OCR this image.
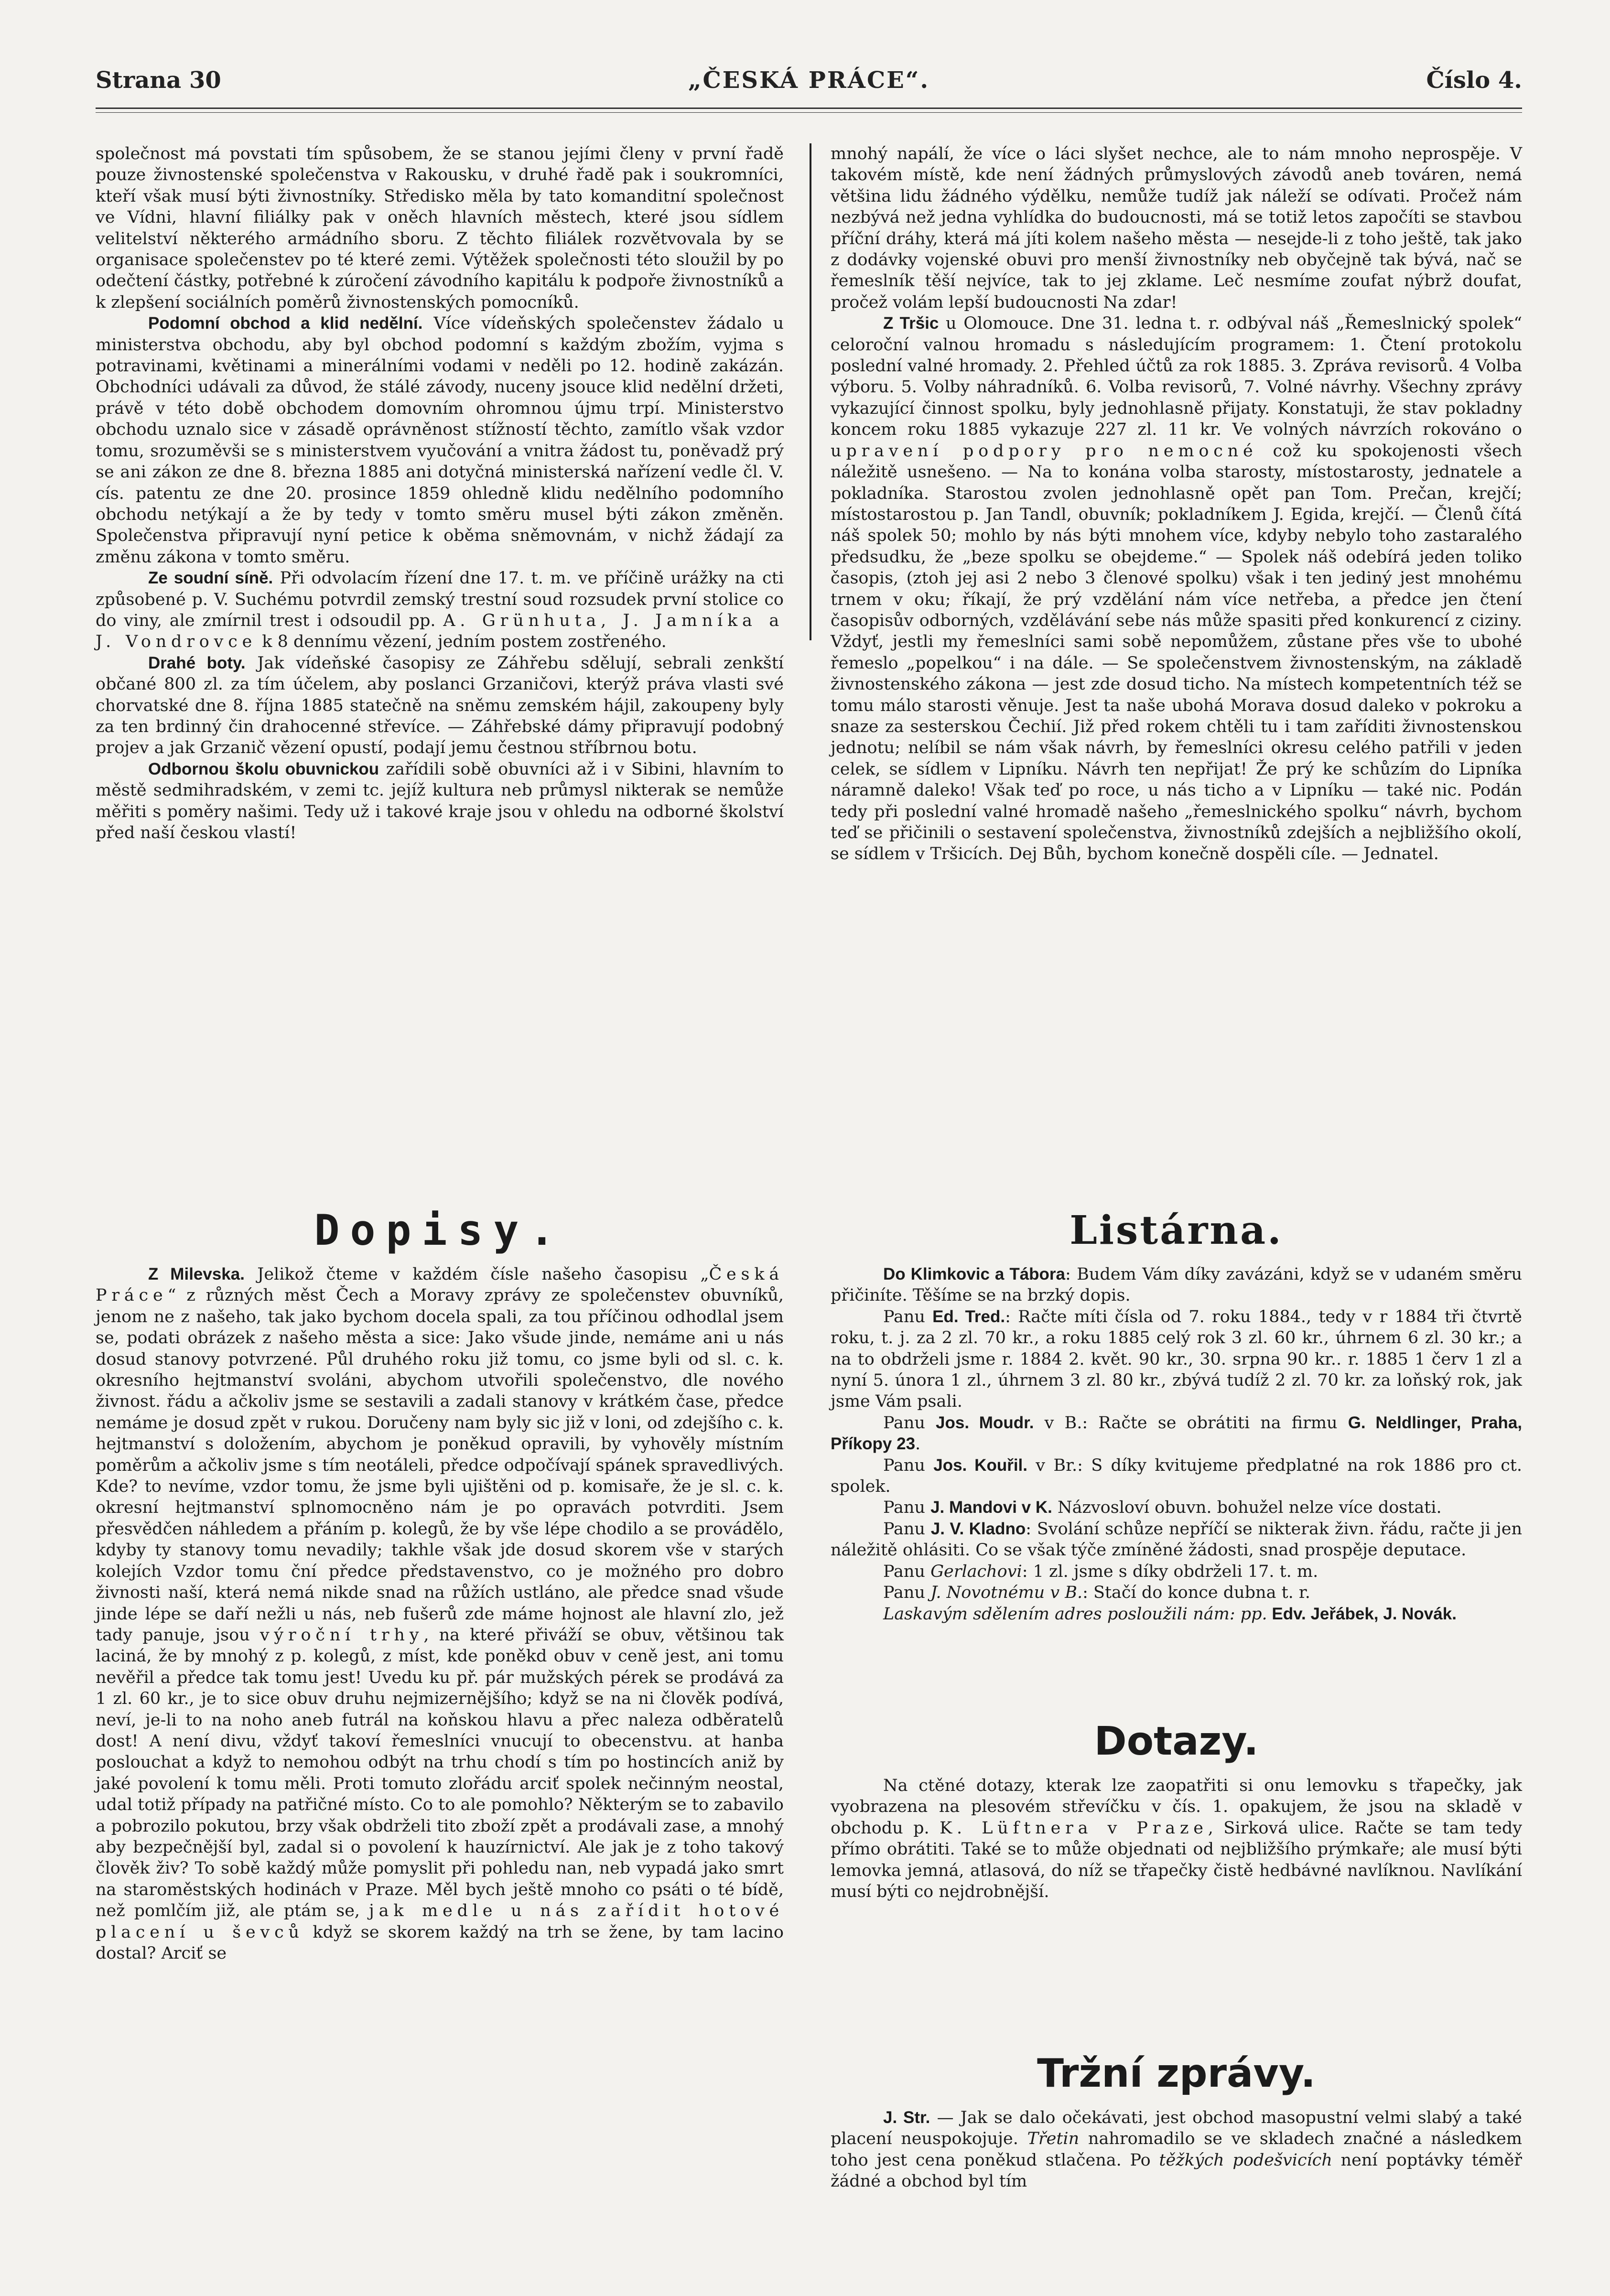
Strana 30	„ČESKÁ PRÁCE“.	Číslo 4.

společnost má povstati tím spůsobem, že se stanou jejími členy v první řadě pouze živnostenské společenstva v Rakousku, v druhé řadě pak i soukromníci, kteří však musí býti živnostníky. Středisko měla by tato komanditní společnost ve Vídni, hlavní filiálky pak v oněch hlavních městech, které jsou sídlem velitelství některého armádního sboru. Z těchto filiálek rozvětvovala by se organisace společenstev po té které zemi. Výtěžek společnosti této sloužil by po odečtení částky, potřebné k zúročení závodního kapitálu k podpoře živnostníků a k zlepšení sociálních poměrů živnostenských pomocníků.

Podomní obchod a klid nedělní. Více vídeňských společenstev žádalo u ministerstva obchodu, aby byl obchod podomní s každým zbožím, vyjma s potravinami, květinami a minerálními vodami v neděli po 12. hodině zakázán. Obchodníci udávali za důvod, že stálé závody, nuceny jsouce klid nedělní držeti, právě v této době obchodem domovním ohromnou újmu trpí. Ministerstvo obchodu uznalo sice v zásadě oprávněnost stížností těchto, zamítlo však vzdor tomu, srozuměvši se s ministerstvem vyučování a vnitra žádost tu, poněvadž prý se ani zákon ze dne 8. března 1885 ani dotyčná ministerská nařízení vedle čl. V. cís. patentu ze dne 20. prosince 1859 ohledně klidu nedělního podomního obchodu netýkají a že by tedy v tomto směru musel býti zákon změněn. Společenstva připravují nyní petice k oběma sněmovnám, v nichž žádají za změnu zákona v tomto směru.

Ze soudní síně. Při odvolacím řízení dne 17. t. m. ve příčině urážky na cti způsobené p. V. Suchému potvrdil zemský trestní soud rozsudek první stolice co do viny, ale zmírnil trest i odsoudil pp. A. Grünhuta, J. Jamníka a J. Vondrovce k 8 dennímu vězení, jedním postem zostřeného.

Drahé boty. Jak vídeňské časopisy ze Záhřebu sdělují, sebrali zenkští občané 800 zl. za tím účelem, aby poslanci Grzaničovi, kterýž práva vlasti své chorvatské dne 8. října 1885 statečně na sněmu zemském hájil, zakoupeny byly za ten brdinný čin drahocenné střevíce. — Záhřebské dámy připravují podobný projev a jak Grzanič vězení opustí, podají jemu čestnou stříbrnou botu.

Odbornou školu obuvnickou zařídili sobě obuvníci až i v Sibini, hlavním to městě sedmihradském, v zemi tc. jejíž kultura neb průmysl nikterak se nemůže měřiti s poměry našimi. Tedy už i takové kraje jsou v ohledu na odborné školství před naší českou vlastí!

Dopisy.

Z Milevska. Jelikož čteme v každém čísle našeho časopisu „Česká Práce“ z různých měst Čech a Moravy zprávy ze společenstev obuvníků, jenom ne z našeho, tak jako bychom docela spali, za tou příčinou odhodlal jsem se, podati obrázek z našeho města a sice: Jako všude jinde, nemáme ani u nás dosud stanovy potvrzené. Půl druhého roku již tomu, co jsme byli od sl. c. k. okresního hejtmanství svoláni, abychom utvořili společenstvo, dle nového živnost. řádu a ačkoliv jsme se sestavili a zadali stanovy v krátkém čase, předce nemáme je dosud zpět v rukou. Doručeny nam byly sic již v loni, od zdejšího c. k. hejtmanství s doložením, abychom je poněkud opravili, by vyhověly místním poměrům a ačkoliv jsme s tím neotáleli, předce odpočívají spánek spravedlivých. Kde? to nevíme, vzdor tomu, že jsme byli ujištěni od p. komisaře, že je sl. c. k. okresní hejtmanství splnomocněno nám je po opravách potvrditi. Jsem přesvědčen náhledem a přáním p. kolegů, že by vše lépe chodilo a se provádělo, kdyby ty stanovy tomu nevadily; takhle však jde dosud skorem vše v starých kolejích Vzdor tomu ční předce představenstvo, co je možného pro dobro živnosti naší, která nemá nikde snad na růžích ustláno, ale předce snad všude jinde lépe se daří nežli u nás, neb fušerů zde máme hojnost ale hlavní zlo, jež tady panuje, jsou výroční trhy, na které přiváží se obuv, většinou tak laciná, že by mnohý z p. kolegů, z míst, kde poněkd obuv v ceně jest, ani tomu nevěřil a předce tak tomu jest! Uvedu ku př. pár mužských pérek se prodává za 1 zl. 60 kr., je to sice obuv druhu nejmizernějšího; když se na ni člověk podívá, neví, je-li to na noho aneb futrál na koňskou hlavu a přec naleza odběratelů dost! A není divu, vždyť takoví řemeslníci vnucují to obecenstvu. at hanba poslouchat a když to nemohou odbýt na trhu chodí s tím po hostincích aniž by jaké povolení k tomu měli. Proti tomuto zlořádu arciť spolek nečinným neostal, udal totiž případy na patřičné místo. Co to ale pomohlo? Některým se to zabavilo a pobrozilo pokutou, brzy však obdrželi tito zboží zpět a prodávali zase, a mnohý aby bezpečnější byl, zadal si o povolení k hauzírnictví. Ale jak je z toho takový člověk živ? To sobě každý může pomyslit při pohledu nan, neb vypadá jako smrt na staroměstských hodinách v Praze. Měl bych ještě mnoho co psáti o té bídě, než pomlčím již, ale ptám se, jak medle u nás zařídit hotové placení u ševců když se skorem každý na trh se žene, by tam lacino dostal? Arciť se

mnohý napálí, že více o láci slyšet nechce, ale to nám mnoho neprospěje. V takovém místě, kde není žádných průmyslových závodů aneb továren, nemá většina lidu žádného výdělku, nemůže tudíž jak náleží se odívati. Pročež nám nezbývá než jedna vyhlídka do budoucnosti, má se totiž letos započíti se stavbou příční dráhy, která má jíti kolem našeho města — nesejde-li z toho ještě, tak jako z dodávky vojenské obuvi pro menší živnostníky neb obyčejně tak bývá, nač se řemeslník těší nejvíce, tak to jej zklame. Leč nesmíme zoufat nýbrž doufat, pročež volám lepší budoucnosti Na zdar!

Z Tršic u Olomouce. Dne 31. ledna t. r. odbýval náš „Řemeslnický spolek“ celoroční valnou hromadu s následujícím programem: 1. Čtení protokolu poslední valné hromady. 2. Přehled účtů za rok 1885. 3. Zpráva revisorů. 4 Volba výboru. 5. Volby náhradníků. 6. Volba revisorů, 7. Volné návrhy. Všechny zprávy vykazující činnost spolku, byly jednohlasně přijaty. Konstatuji, že stav pokladny koncem roku 1885 vykazuje 227 zl. 11 kr. Ve volných návrzích rokováno o upravení podpory pro nemocné což ku spokojenosti všech náležitě usnešeno. — Na to konána volba starosty, místostarosty, jednatele a pokladníka. Starostou zvolen jednohlasně opět pan Tom. Prečan, krejčí; místostarostou p. Jan Tandl, obuvník; pokladníkem J. Egida, krejčí. — Členů čítá náš spolek 50; mohlo by nás býti mnohem více, kdyby nebylo toho zastaralého předsudku, že „beze spolku se obejdeme.“ — Spolek náš odebírá jeden toliko časopis, (ztoh jej asi 2 nebo 3 členové spolku) však i ten jediný jest mnohému trnem v oku; říkají, že prý vzdělání nám více netřeba, a předce jen čtení časopisův odborných, vzdělávání sebe nás může spasiti před konkurencí z ciziny. Vždyť, jestli my řemeslníci sami sobě nepomůžem, zůstane přes vše to ubohé řemeslo „popelkou“ i na dále. — Se společenstvem živnostenským, na základě živnostenského zákona — jest zde dosud ticho. Na místech kompetentních též se tomu málo starosti věnuje. Jest ta naše ubohá Morava dosud daleko v pokroku a snaze za sesterskou Čechií. Již před rokem chtěli tu i tam zaříditi živnostenskou jednotu; nelíbil se nám však návrh, by řemeslníci okresu celého patřili v jeden celek, se sídlem v Lipníku. Návrh ten nepřijat! Že prý ke schůzím do Lipníka náramně daleko! Však teď po roce, u nás ticho a v Lipníku — také nic. Podán tedy při poslední valné hromadě našeho „řemeslnického spolku“ návrh, bychom teď se přičinili o sestavení společenstva, živnostníků zdejších a nejbližšího okolí, se sídlem v Tršicích. Dej Bůh, bychom konečně dospěli cíle. — Jednatel.

Listárna.

Do Klimkovic a Tábora: Budem Vám díky zavázáni, když se v udaném směru přičiníte. Těšíme se na brzký dopis.

Panu Ed. Tred.: Račte míti čísla od 7. roku 1884., tedy v r 1884 tři čtvrtě roku, t. j. za 2 zl. 70 kr., a roku 1885 celý rok 3 zl. 60 kr., úhrnem 6 zl. 30 kr.; a na to obdrželi jsme r. 1884 2. květ. 90 kr., 30. srpna 90 kr.. r. 1885 1 červ 1 zl a nyní 5. února 1 zl., úhrnem 3 zl. 80 kr., zbývá tudíž 2 zl. 70 kr. za loňský rok, jak jsme Vám psali.

Panu Jos. Moudr. v B.: Račte se obrátiti na firmu G. Neldlinger, Praha, Příkopy 23.

Panu Jos. Kouřil. v Br.: S díky kvitujeme předplatné na rok 1886 pro ct. spolek.

Panu J. Mandovi v K. Názvosloví obuvn. bohužel nelze více dostati.

Panu J. V. Kladno: Svolání schůze nepříčí se nikterak živn. řádu, račte ji jen náležitě ohlásiti. Co se však týče zmíněné žádosti, snad prospěje deputace.

Panu Gerlachovi: 1 zl. jsme s díky obdrželi 17. t. m.

Panu J. Novotnému v B.: Stačí do konce dubna t. r.

Laskavým sdělením adres posloužili nám: pp. Edv. Jeřábek, J. Novák.

Dotazy.

Na ctěné dotazy, kterak lze zaopatřiti si onu lemovku s třapečky, jak vyobrazena na plesovém střevíčku v čís. 1. opakujem, že jsou na skladě v obchodu p. K. Lüftnera v Praze, Sirková ulice. Račte se tam tedy přímo obrátiti. Také se to může objednati od nejbližšího prýmkaře; ale musí býti lemovka jemná, atlasová, do níž se třapečky čistě hedbávné navlíknou. Navlíkání musí býti co nejdrobnější.

Tržní zprávy.

J. Str. — Jak se dalo očekávati, jest obchod masopustní velmi slabý a také placení neuspokojuje. Třetin nahromadilo se ve skladech značné a následkem toho jest cena poněkud stlačena. Po těžkých podešvicích není poptávky téměř žádné a obchod byl tím
